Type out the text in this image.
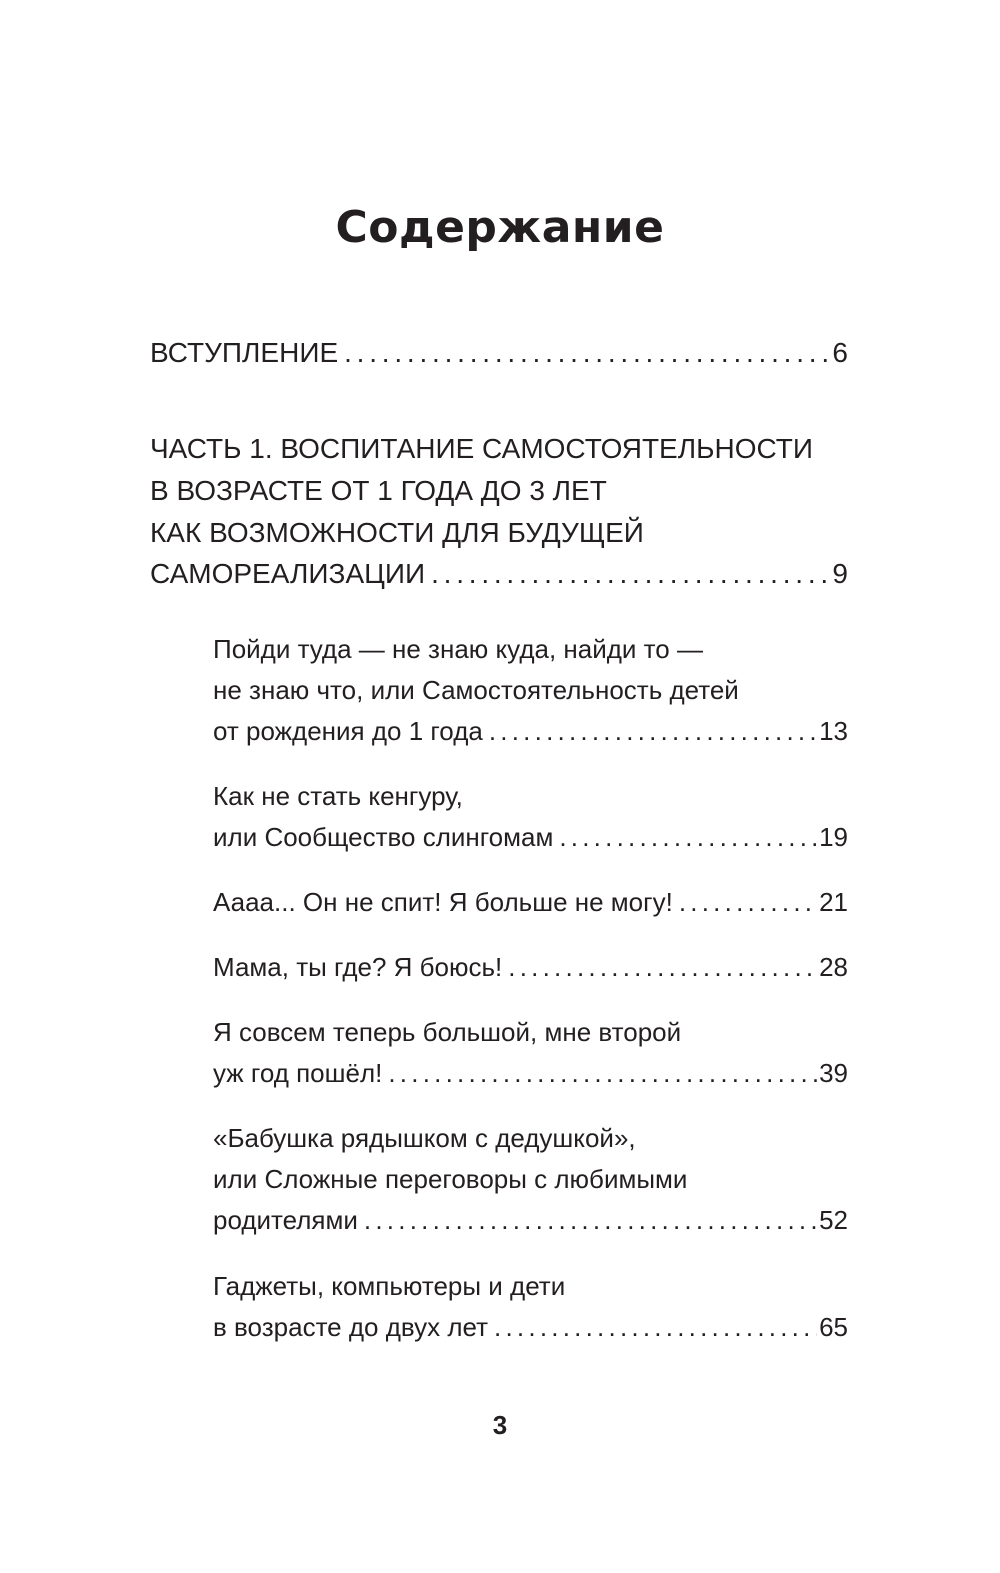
Содержание
ВСТУПЛЕНИЕ . . .	6
ЧАСТЬ 1. ВОСПИТАНИЕ САМОСТОЯТЕЛЬНОСТИ
В ВОЗРАСТЕ ОТ 1 ГОДА ДО 3 ЛЕТ
КАК ВОЗМОЖНОСТИ ДЛЯ БУДУЩЕЙ
САМОРЕАЛИЗАЦИИ . . .	9
Пойди туда — не знаю куда, найди то —
не знаю что, или Самостоятельность детей
от рождения до 1 года . . .	13
Как не стать кенгуру,
или Сообщество слингомам . . .	19
Аааа... Он не спит! Я больше не могу! . . .	21
Мама, ты где? Я боюсь! . . .	28
Я совсем теперь большой, мне второй
уж год пошёл! . . .	39
«Бабушка рядышком с дедушкой»,
или Сложные переговоры с любимыми
родителями . . .	52
Гаджеты, компьютеры и дети
в возрасте до двух лет . . .	65
3
